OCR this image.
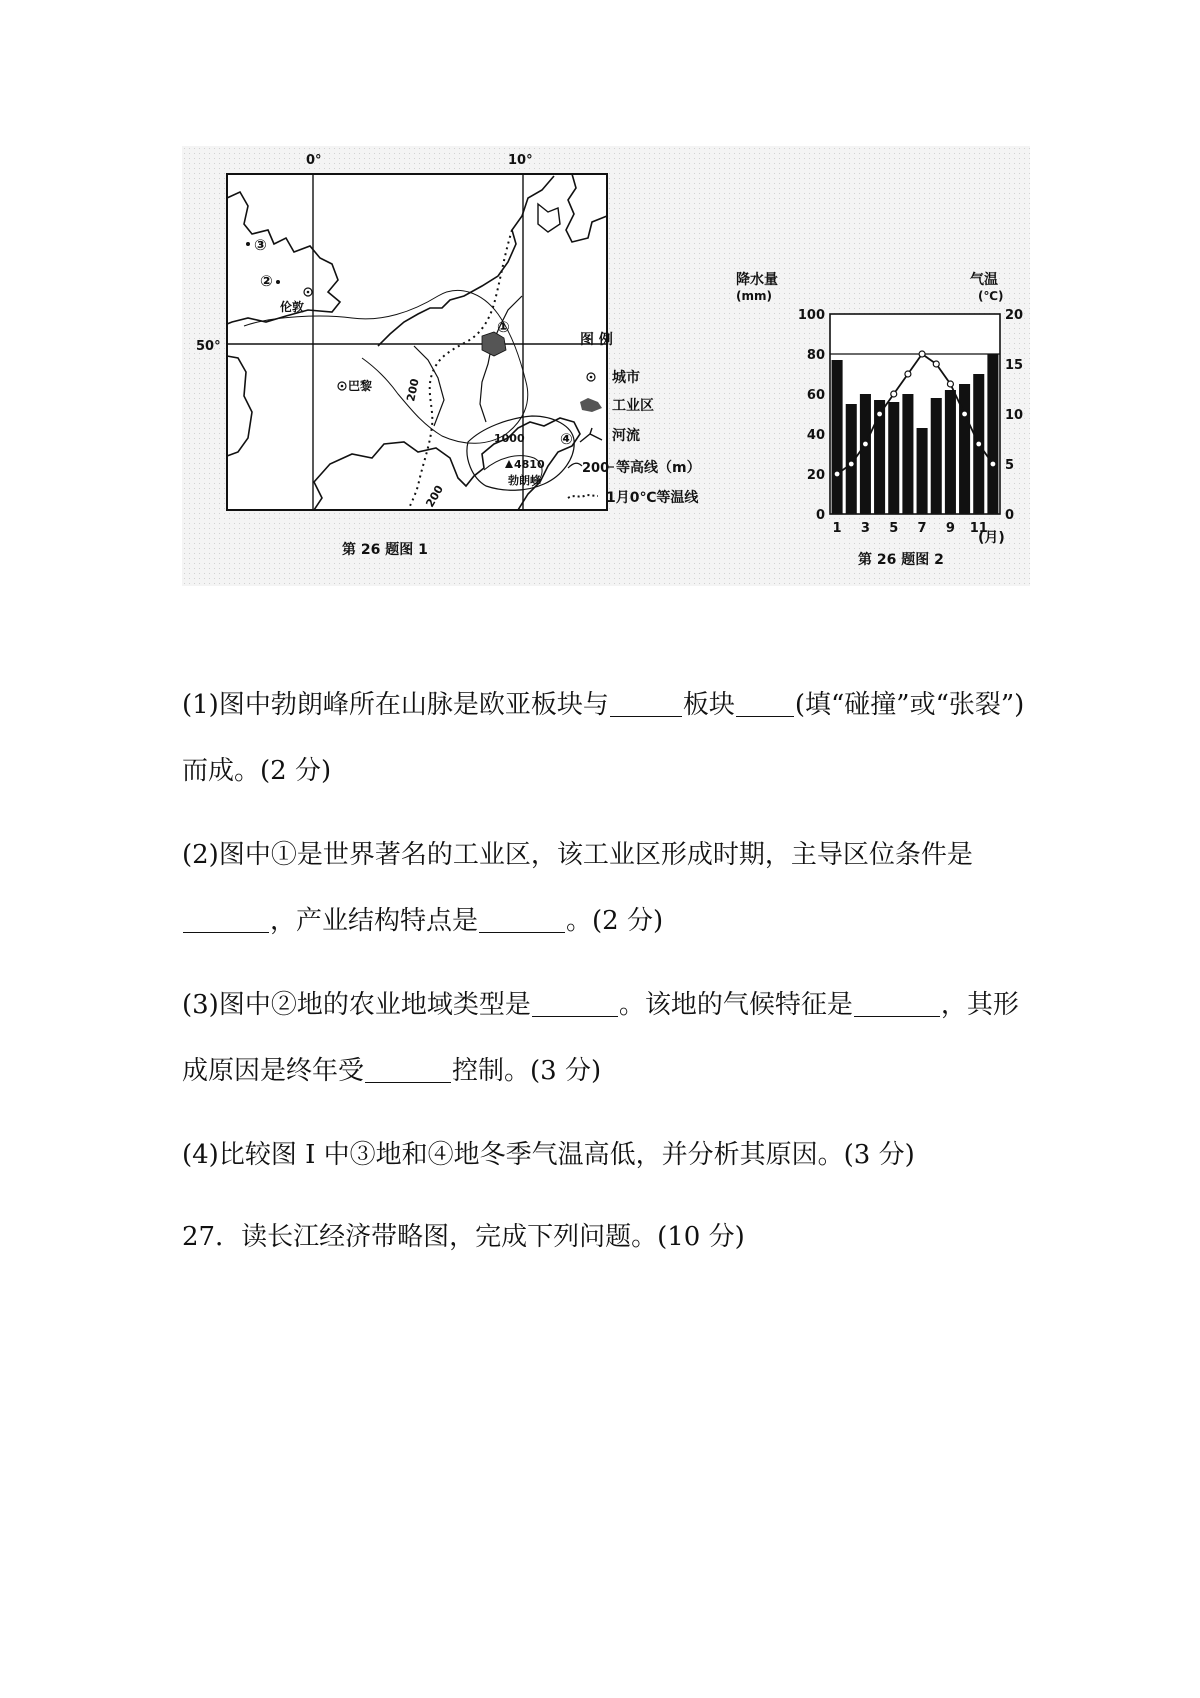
0°	10°
50°
③
②
伦敦
巴黎
①
④
200
1000
200
4810
勃朗峰
第 26 题图 1
图 例
城市
工业区
河流
200 等高线（m）
1月0℃等温线
降水量
(mm)
气温
(℃)
100
80
60
40
20
0
20
15
10
5
0
1 3 5 7 9 11
(月)
第 26 题图 2

(1)图中勃朗峰所在山脉是欧亚板块与	板块 (填“碰撞”或“张裂”)而成。(2 分)

(2)图中①是世界著名的工业区，该工业区形成时期，主导区位条件是，产业结构特点是	。(2 分)

(3)图中②地的农业地域类型是	。该地的气候特征是	，其形成原因是终年受	控制。(3 分)

(4)比较图 I 中③地和④地冬季气温高低，并分析其原因。(3 分)

27．读长江经济带略图，完成下列问题。(10 分)
